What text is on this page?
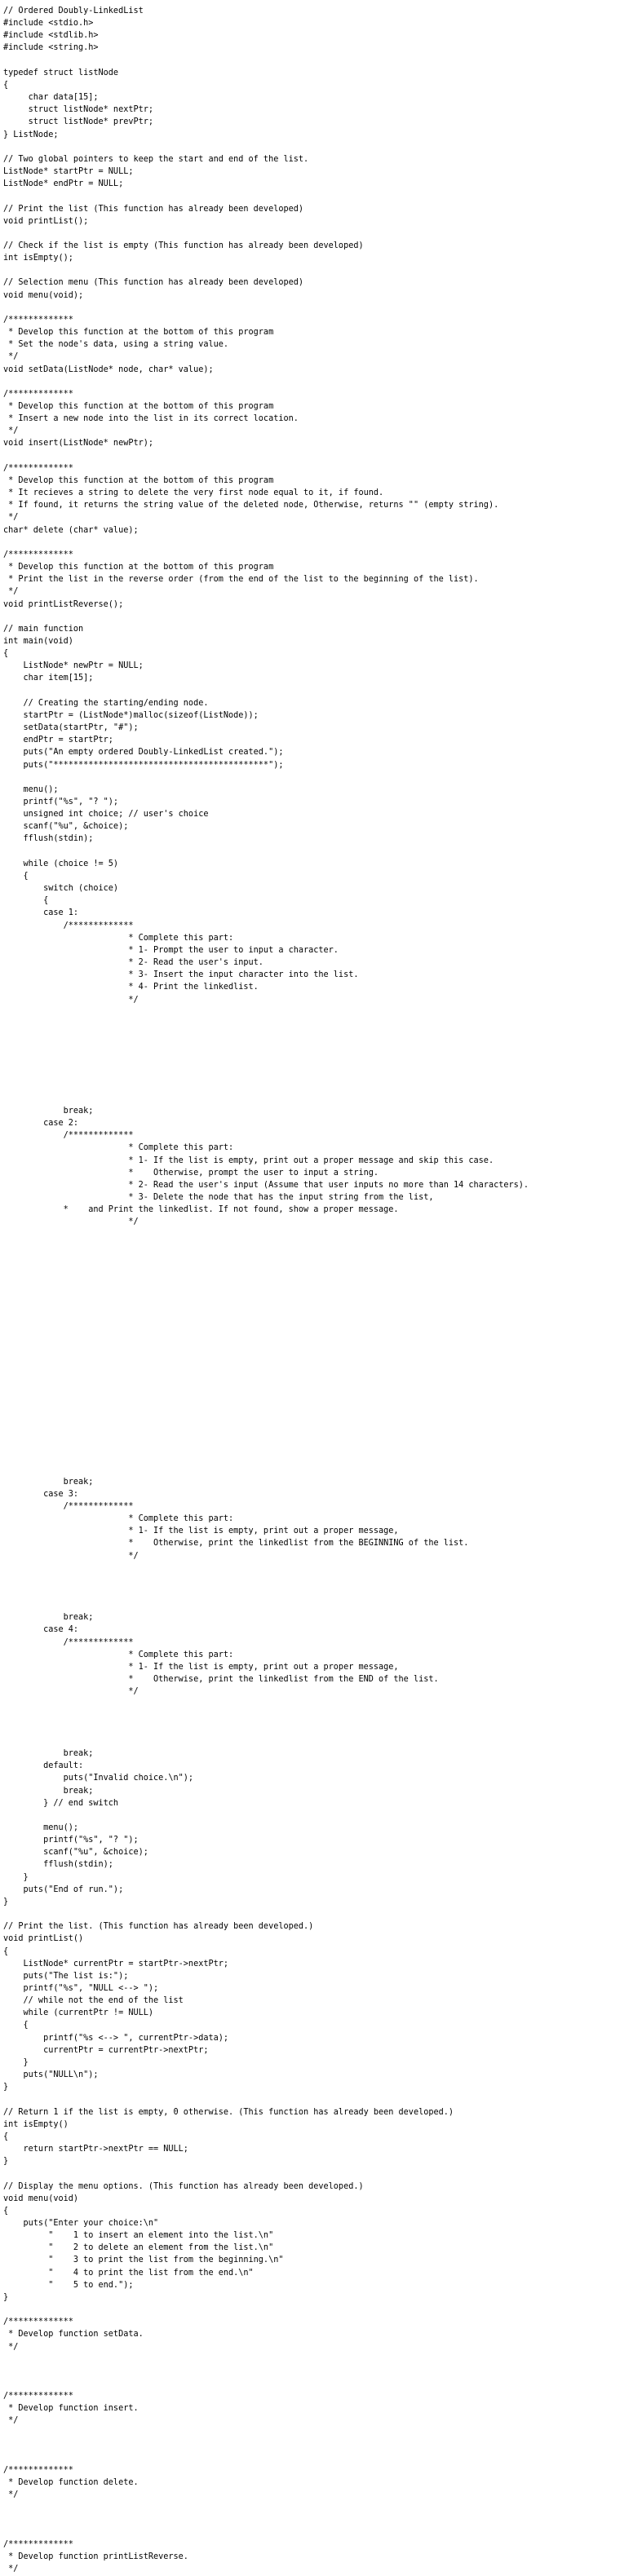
// Ordered Doubly-LinkedList
#include <stdio.h>
#include <stdlib.h>
#include <string.h>
typedef struct listNode
{
char data[15];
struct listNode* nextPtr;
struct listNode* prevPtr;
} ListNode;
// Two global pointers to keep the start and end of the list.
ListNode* startPtr = NULL;
ListNode* endPtr = NULL;
// Print the list (This function has already been developed)
void printList();
// Check if the list is empty (This function has already been developed)
int isEmpty();
// Selection menu (This function has already been developed)
void menu(void);
/*************
* Develop this function at the bottom of this program
* Set the node's data, using a string value.
*/
void setData(ListNode* node, char* value);
/*************
* Develop this function at the bottom of this program
* Insert a new node into the list in its correct location.
*/
void insert(ListNode* newPtr);
/*************
* Develop this function at the bottom of this program
* It recieves a string to delete the very first node equal to it, if found.
* If found, it returns the string value of the deleted node, Otherwise, returns "" (empty string).
*/
char* delete (char* value);
/*************
* Develop this function at the bottom of this program
* Print the list in the reverse order (from the end of the list to the beginning of the list).
*/
void printListReverse();
// main function
int main(void)
{
ListNode* newPtr = NULL;
char item[15];
// Creating the starting/ending node.
startPtr = (ListNode*)malloc(sizeof(ListNode));
setData(startPtr, "#");
endPtr = startPtr;
puts("An empty ordered Doubly-LinkedList created.");
puts("*******************************************");
menu();
printf("%s", "? ");
unsigned int choice; // user's choice
scanf("%u", &choice);
fflush(stdin);
while (choice != 5)
{
switch (choice)
{
case 1:
/*************
* Complete this part:
* 1- Prompt the user to input a character.
* 2- Read the user's input.
* 3- Insert the input character into the list.
* 4- Print the linkedlist.
*/
break;
case 2:
/*************
* Complete this part:
* 1- If the list is empty, print out a proper message and skip this case.
*    Otherwise, prompt the user to input a string.
* 2- Read the user's input (Assume that user inputs no more than 14 characters).
* 3- Delete the node that has the input string from the list,
*    and Print the linkedlist. If not found, show a proper message.
*/
break;
case 3:
/*************
* Complete this part:
* 1- If the list is empty, print out a proper message,
*    Otherwise, print the linkedlist from the BEGINNING of the list.
*/
break;
case 4:
/*************
* Complete this part:
* 1- If the list is empty, print out a proper message,
*    Otherwise, print the linkedlist from the END of the list.
*/
break;
default:
puts("Invalid choice.\n");
break;
} // end switch
menu();
printf("%s", "? ");
scanf("%u", &choice);
fflush(stdin);
}
puts("End of run.");
}
// Print the list. (This function has already been developed.)
void printList()
{
ListNode* currentPtr = startPtr->nextPtr;
puts("The list is:");
printf("%s", "NULL <--> ");
// while not the end of the list
while (currentPtr != NULL)
{
printf("%s <--> ", currentPtr->data);
currentPtr = currentPtr->nextPtr;
}
puts("NULL\n");
}
// Return 1 if the list is empty, 0 otherwise. (This function has already been developed.)
int isEmpty()
{
return startPtr->nextPtr == NULL;
}
// Display the menu options. (This function has already been developed.)
void menu(void)
{
puts("Enter your choice:\n"
"    1 to insert an element into the list.\n"
"    2 to delete an element from the list.\n"
"    3 to print the list from the beginning.\n"
"    4 to print the list from the end.\n"
"    5 to end.");
}
/*************
* Develop function setData.
*/
/*************
* Develop function insert.
*/
/*************
* Develop function delete.
*/
/*************
* Develop function printListReverse.
*/
